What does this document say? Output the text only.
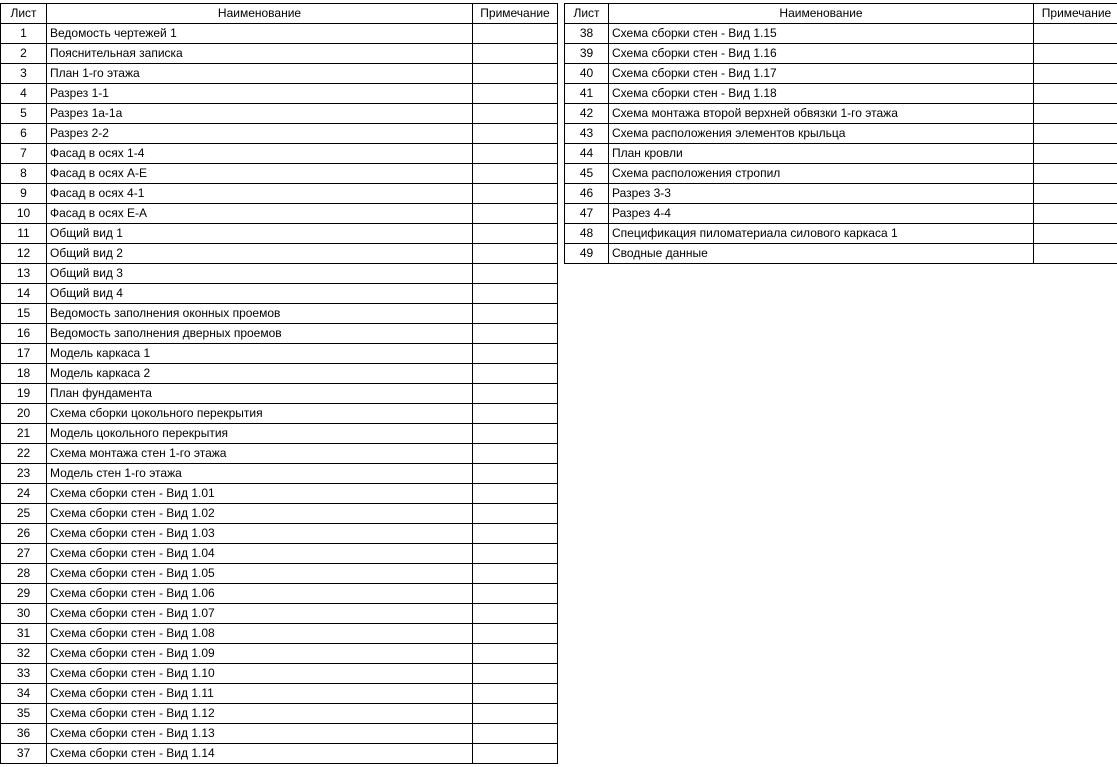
Лист	Наименование	Примечание
1	Ведомость чертежей 1	
2	Пояснительная записка	
3	План 1-го этажа	
4	Разрез 1-1	
5	Разрез 1а-1а	
6	Разрез 2-2	
7	Фасад в осях 1-4	
8	Фасад в осях А-Е	
9	Фасад в осях 4-1	
10	Фасад в осях Е-А	
11	Общий вид 1	
12	Общий вид 2	
13	Общий вид 3	
14	Общий вид 4	
15	Ведомость заполнения оконных проемов	
16	Ведомость заполнения дверных проемов	
17	Модель каркаса 1	
18	Модель каркаса 2	
19	План фундамента	
20	Схема сборки цокольного перекрытия	
21	Модель цокольного перекрытия	
22	Схема монтажа стен 1-го этажа	
23	Модель стен 1-го этажа	
24	Схема сборки стен - Вид 1.01	
25	Схема сборки стен - Вид 1.02	
26	Схема сборки стен - Вид 1.03	
27	Схема сборки стен - Вид 1.04	
28	Схема сборки стен - Вид 1.05	
29	Схема сборки стен - Вид 1.06	
30	Схема сборки стен - Вид 1.07	
31	Схема сборки стен - Вид 1.08	
32	Схема сборки стен - Вид 1.09	
33	Схема сборки стен - Вид 1.10	
34	Схема сборки стен - Вид 1.11	
35	Схема сборки стен - Вид 1.12	
36	Схема сборки стен - Вид 1.13	
37	Схема сборки стен - Вид 1.14	
Лист	Наименование	Примечание
38	Схема сборки стен - Вид 1.15	
39	Схема сборки стен - Вид 1.16	
40	Схема сборки стен - Вид 1.17	
41	Схема сборки стен - Вид 1.18	
42	Схема монтажа второй верхней обвязки 1-го этажа	
43	Схема расположения элементов крыльца	
44	План кровли	
45	Схема расположения стропил	
46	Разрез 3-3	
47	Разрез 4-4	
48	Спецификация пиломатериала силового каркаса 1	
49	Сводные данные	
